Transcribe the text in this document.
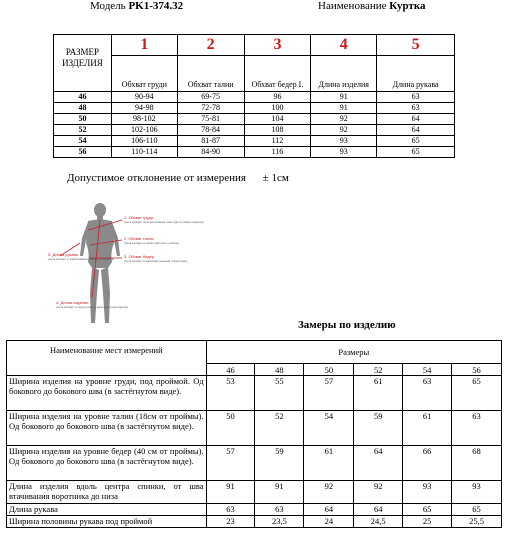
Модель PK1-374.32	Наименование Куртка
РАЗМЕР ИЗДЕЛИЯ	1	2	3	4	5
	Обхват груди	Обхват талии	Обхват бедер I.	Длина изделия	Длина рукава
46	90-94	69-75	96	91	63
48	94-98	72-78	100	91	63
50	98-102	75-81	104	92	64
52	102-106	78-84	108	92	64
54	106-110	81-87	112	93	65
56	110-114	84-90	116	93	65
Допустимое отклонение от измерения ± 1см
1. Обхват груди
2. Обхват талии
3. Обхват бедер
4. Длина изделия
5. Длина рукава
(лента проходит через выступающие точки груди по уровню подмышек)
(лента проходит по самой узкой части туловища)
(лента проходит по самым выступающим точкам ягодиц)
(лента проходит по центру спины от воротника до низа изделия)
(лента проходит от шва втачивания рукава до низа рукава)
Замеры по изделию
Наименование мест измерений	Размеры					
	46	48	50	52	54	56
Ширина изделия на уровне груди, под проймой. Од бокового до бокового шва (в застёгнутом виде).	53	55	57	61	63	65
Ширина изделия на уровне талии (18см от проймы). Од бокового до бокового шва (в застёгнутом виде).	50	52	54	59	61	63
Ширина изделия на уровне бедер (40 см от проймы). Од бокового до бокового шва (в застёгнутом виде).	57	59	61	64	66	68
Длина изделия вдоль центра спинки, от шва втачивания воротника до низа	91	91	92	92	93	93
Длина рукава	63	63	64	64	65	65
Ширина половины рукава под проймой	23	23,5	24	24,5	25	25,5
